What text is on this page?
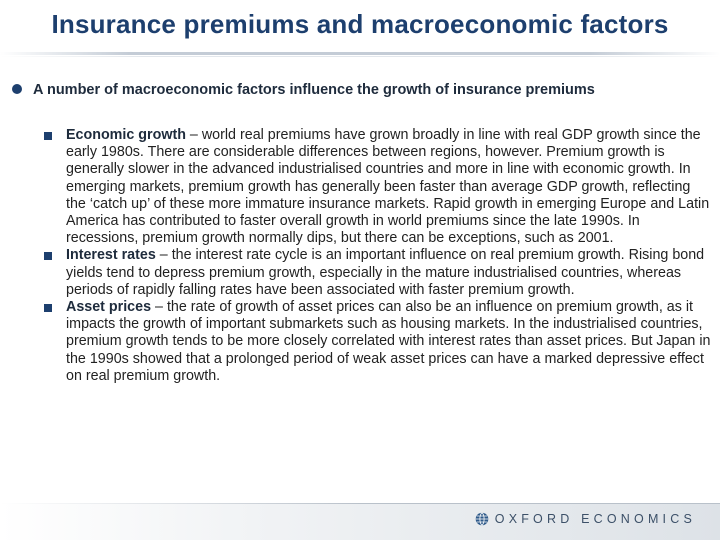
Insurance premiums and macroeconomic factors
A number of macroeconomic factors influence the growth of insurance premiums
Economic growth – world real premiums have grown broadly in line with real GDP growth since the early 1980s. There are considerable differences between regions, however. Premium growth is generally slower in the advanced industrialised countries and more in line with economic growth. In emerging markets, premium growth has generally been faster than average GDP growth, reflecting the ‘catch up’ of these more immature insurance markets. Rapid growth in emerging Europe and Latin America has contributed to faster overall growth in world premiums since the late 1990s. In recessions, premium growth normally dips, but there can be exceptions, such as 2001.
Interest rates – the interest rate cycle is an important influence on real premium growth. Rising bond yields tend to depress premium growth, especially in the mature industrialised countries, whereas periods of rapidly falling rates have been associated with faster premium growth.
Asset prices – the rate of growth of asset prices can also be an influence on premium growth, as it impacts the growth of important submarkets such as housing markets. In the industrialised countries, premium growth tends to be more closely correlated with interest rates than asset prices. But Japan in the 1990s showed that a prolonged period of weak asset prices can have a marked depressive effect on real premium growth.
OXFORD ECONOMICS
